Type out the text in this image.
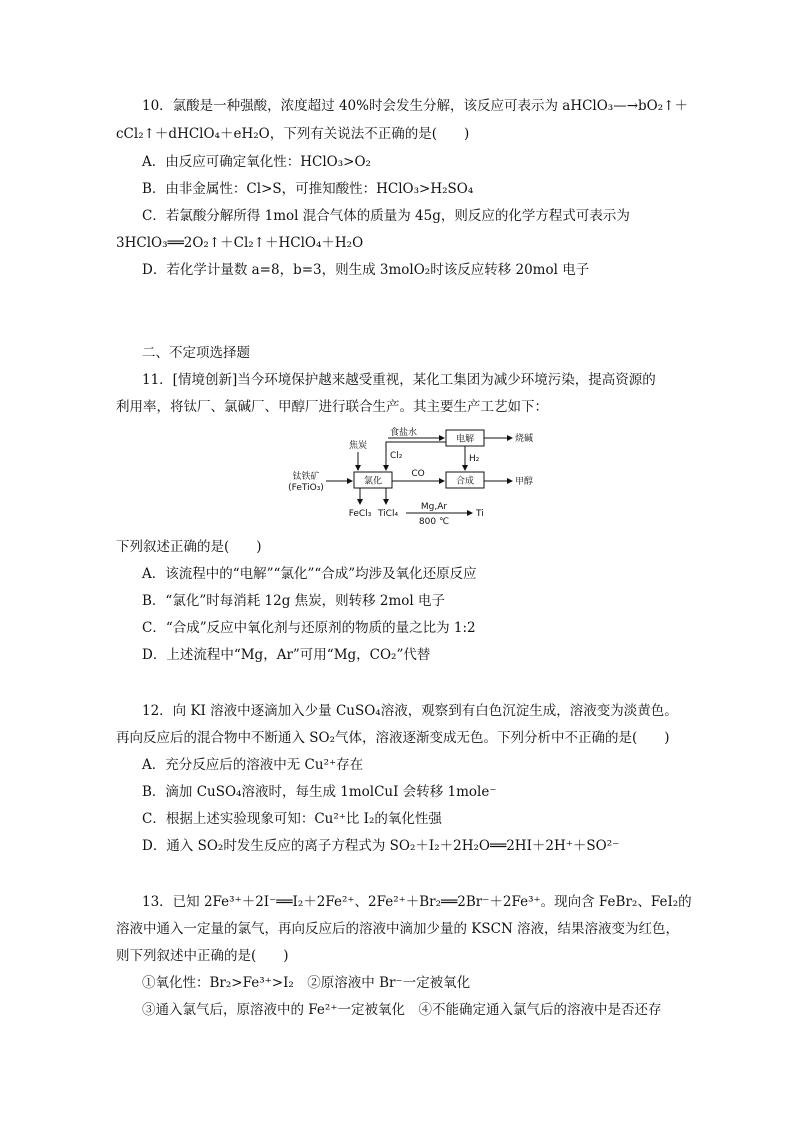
10．氯酸是一种强酸，浓度超过 40%时会发生分解，该反应可表示为 aHClO₃—→bO₂↑＋
cCl₂↑＋dHClO₄＋eH₂O，下列有关说法不正确的是(　　)
A．由反应可确定氧化性：HClO₃>O₂
B．由非金属性：Cl>S，可推知酸性：HClO₃>H₂SO₄
C．若氯酸分解所得 1mol 混合气体的质量为 45g，则反应的化学方程式可表示为
3HClO₃══2O₂↑＋Cl₂↑＋HClO₄＋H₂O
D．若化学计量数 a=8，b=3，则生成 3molO₂时该反应转移 20mol 电子
二、不定项选择题
11．[情境创新]当今环境保护越来越受重视，某化工集团为减少环境污染，提高资源的
利用率，将钛厂、氯碱厂、甲醇厂进行联合生产。其主要生产工艺如下：
电解
氯化	合成
食盐水
烧碱
焦炭
Cl₂	H₂
钛铁矿
(FeTiO₃)
CO
甲醇
FeCl₃ TiCl₄
Mg,Ar
800 ℃
Ti
下列叙述正确的是(　　)
A．该流程中的“电解”“氯化”“合成”均涉及氧化还原反应
B．“氯化”时每消耗 12g 焦炭，则转移 2mol 电子
C．“合成”反应中氧化剂与还原剂的物质的量之比为 1:2
D．上述流程中“Mg，Ar”可用“Mg，CO₂”代替
12．向 KI 溶液中逐滴加入少量 CuSO₄溶液，观察到有白色沉淀生成，溶液变为淡黄色。
再向反应后的混合物中不断通入 SO₂气体，溶液逐渐变成无色。下列分析中不正确的是(　　)
A．充分反应后的溶液中无 Cu²⁺存在
B．滴加 CuSO₄溶液时，每生成 1molCuI 会转移 1mole⁻
C．根据上述实验现象可知：Cu²⁺比 I₂的氧化性强
D．通入 SO₂时发生反应的离子方程式为 SO₂＋I₂＋2H₂O══2HI＋2H⁺＋SO²⁻
13．已知 2Fe³⁺＋2I⁻══I₂＋2Fe²⁺、2Fe²⁺＋Br₂══2Br⁻＋2Fe³⁺。现向含 FeBr₂、FeI₂的
溶液中通入一定量的氯气，再向反应后的溶液中滴加少量的 KSCN 溶液，结果溶液变为红色，
则下列叙述中正确的是(　　)
①氧化性：Br₂>Fe³⁺>I₂　②原溶液中 Br⁻一定被氧化
③通入氯气后，原溶液中的 Fe²⁺一定被氧化　④不能确定通入氯气后的溶液中是否还存
